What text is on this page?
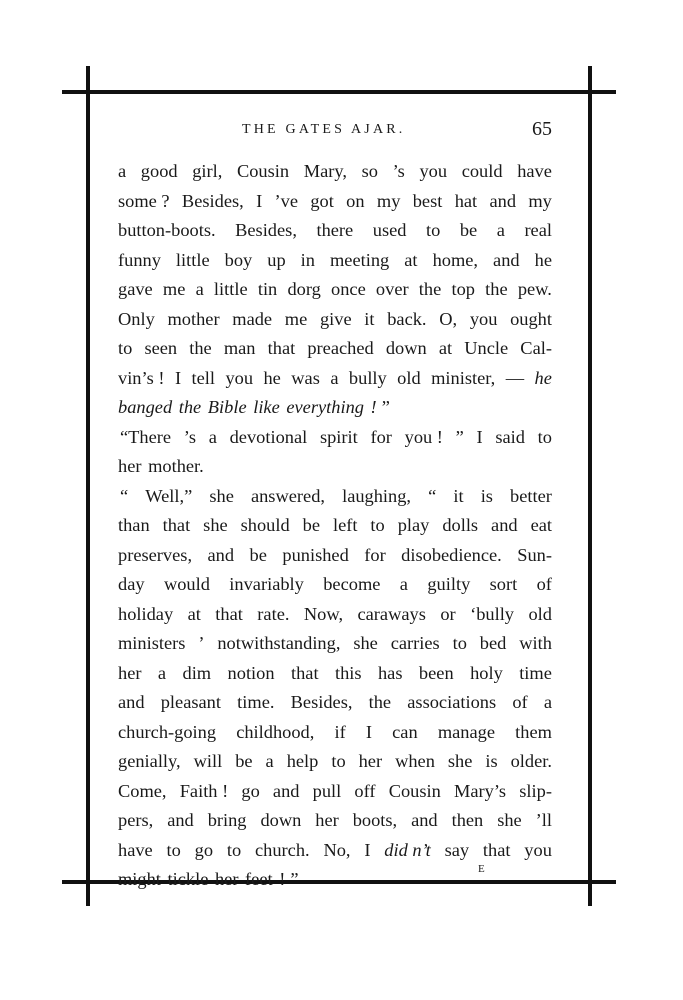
THE GATES AJAR.	65
a good girl, Cousin Mary, so ’s you could have
some ? Besides, I ’ve got on my best hat and my
button-boots. Besides, there used to be a real
funny little boy up in meeting at home, and he
gave me a little tin dorg once over the top the pew.
Only mother made me give it back. O, you ought
to seen the man that preached down at Uncle Cal-
vin’s ! I tell you he was a bully old minister, — he
banged the Bible like everything ! ”
“There ’s a devotional spirit for you ! ” I said to
her mother.
“ Well,” she answered, laughing, “ it is better
than that she should be left to play dolls and eat
preserves, and be punished for disobedience. Sun-
day would invariably become a guilty sort of
holiday at that rate. Now, caraways or ‘bully old
ministers ’ notwithstanding, she carries to bed with
her a dim notion that this has been holy time
and pleasant time. Besides, the associations of a
church-going childhood, if I can manage them
genially, will be a help to her when she is older.
Come, Faith ! go and pull off Cousin Mary’s slip-
pers, and bring down her boots, and then she ’ll
have to go to church. No, I did n’t say that you
might tickle her feet ! ”	E
